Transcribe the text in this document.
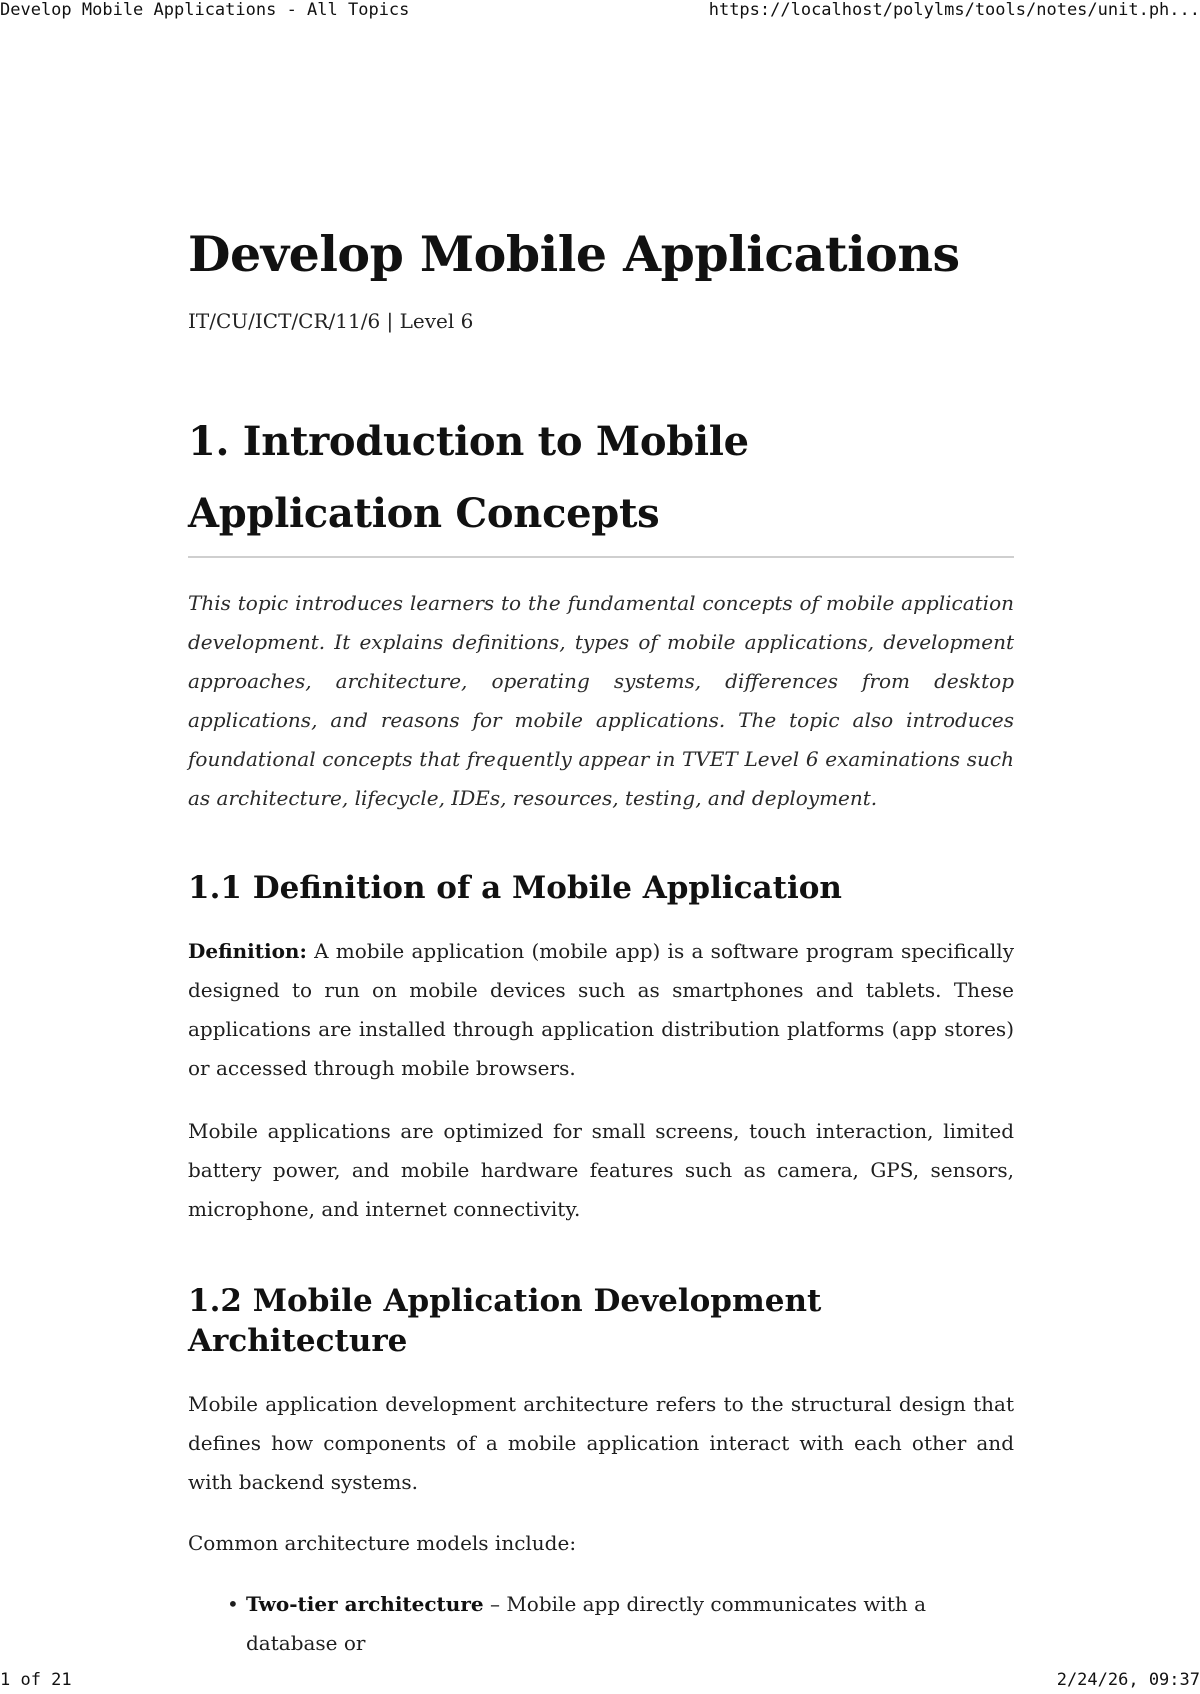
Develop Mobile Applications - All Topics	https://localhost/polylms/tools/notes/unit.ph...
Develop Mobile Applications
IT/CU/ICT/CR/11/6 | Level 6
1. Introduction to Mobile Application Concepts

This topic introduces learners to the fundamental concepts of mobile application development. It explains definitions, types of mobile applications, development approaches, architecture, operating systems, differences from desktop applications, and reasons for mobile applications. The topic also introduces foundational concepts that frequently appear in TVET Level 6 examinations such as architecture, lifecycle, IDEs, resources, testing, and deployment.

1.1 Definition of a Mobile Application

Definition: A mobile application (mobile app) is a software program specifically designed to run on mobile devices such as smartphones and tablets. These applications are installed through application distribution platforms (app stores) or accessed through mobile browsers.

Mobile applications are optimized for small screens, touch interaction, limited battery power, and mobile hardware features such as camera, GPS, sensors, microphone, and internet connectivity.

1.2 Mobile Application Development Architecture

Mobile application development architecture refers to the structural design that defines how components of a mobile application interact with each other and with backend systems.

Common architecture models include:

• Two-tier architecture – Mobile app directly communicates with a database or
1 of 21	2/24/26, 09:37
